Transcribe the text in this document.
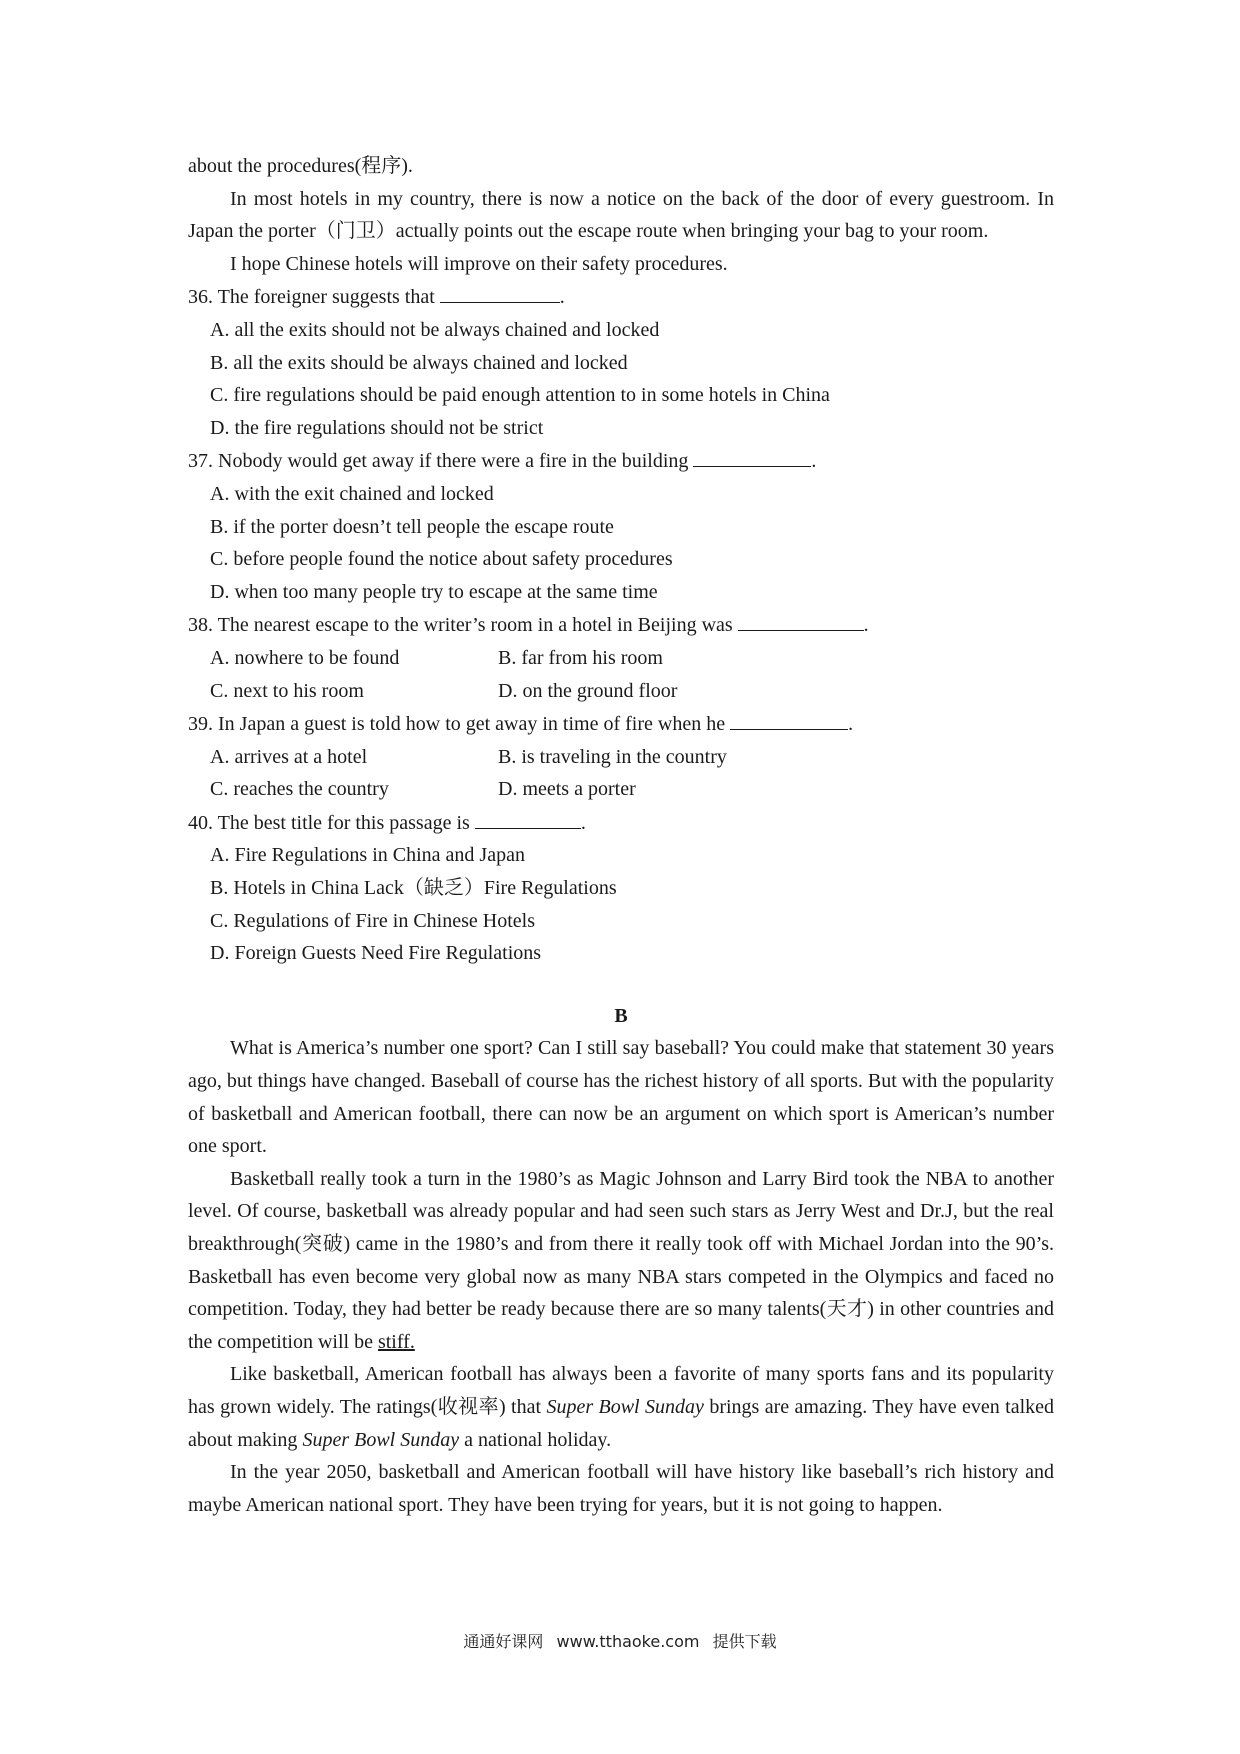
about the procedures(程序).

In most hotels in my country, there is now a notice on the back of the door of every guestroom. In Japan the porter（门卫）actually points out the escape route when bringing your bag to your room.

I hope Chinese hotels will improve on their safety procedures.

36. The foreigner suggests that	.

A. all the exits should not be always chained and locked

B. all the exits should be always chained and locked

C. fire regulations should be paid enough attention to in some hotels in China

D. the fire regulations should not be strict

37. Nobody would get away if there were a fire in the building	.

A. with the exit chained and locked

B. if the porter doesn’t tell people the escape route

C. before people found the notice about safety procedures

D. when too many people try to escape at the same time

38. The nearest escape to the writer’s room in a hotel in Beijing was	.

A. nowhere to be found	B. far from his room
C. next to his room	D. on the ground floor

39. In Japan a guest is told how to get away in time of fire when he	.

A. arrives at a hotel	B. is traveling in the country
C. reaches the country	D. meets a porter

40. The best title for this passage is	.

A. Fire Regulations in China and Japan

B. Hotels in China Lack（缺乏）Fire Regulations

C. Regulations of Fire in Chinese Hotels

D. Foreign Guests Need Fire Regulations

B

What is America’s number one sport? Can I still say baseball? You could make that statement 30 years ago, but things have changed. Baseball of course has the richest history of all sports. But with the popularity of basketball and American football, there can now be an argument on which sport is American’s number one sport.

Basketball really took a turn in the 1980’s as Magic Johnson and Larry Bird took the NBA to another level. Of course, basketball was already popular and had seen such stars as Jerry West and Dr.J, but the real breakthrough(突破) came in the 1980’s and from there it really took off with Michael Jordan into the 90’s. Basketball has even become very global now as many NBA stars competed in the Olympics and faced no competition. Today, they had better be ready because there are so many talents(天才) in other countries and the competition will be stiff.

Like basketball, American football has always been a favorite of many sports fans and its popularity has grown widely. The ratings(收视率) that Super Bowl Sunday brings are amazing. They have even talked about making Super Bowl Sunday a national holiday.

In the year 2050, basketball and American football will have history like baseball’s rich history and maybe American national sport. They have been trying for years, but it is not going to happen.

通通好课网 www.tthaoke.com 提供下载
